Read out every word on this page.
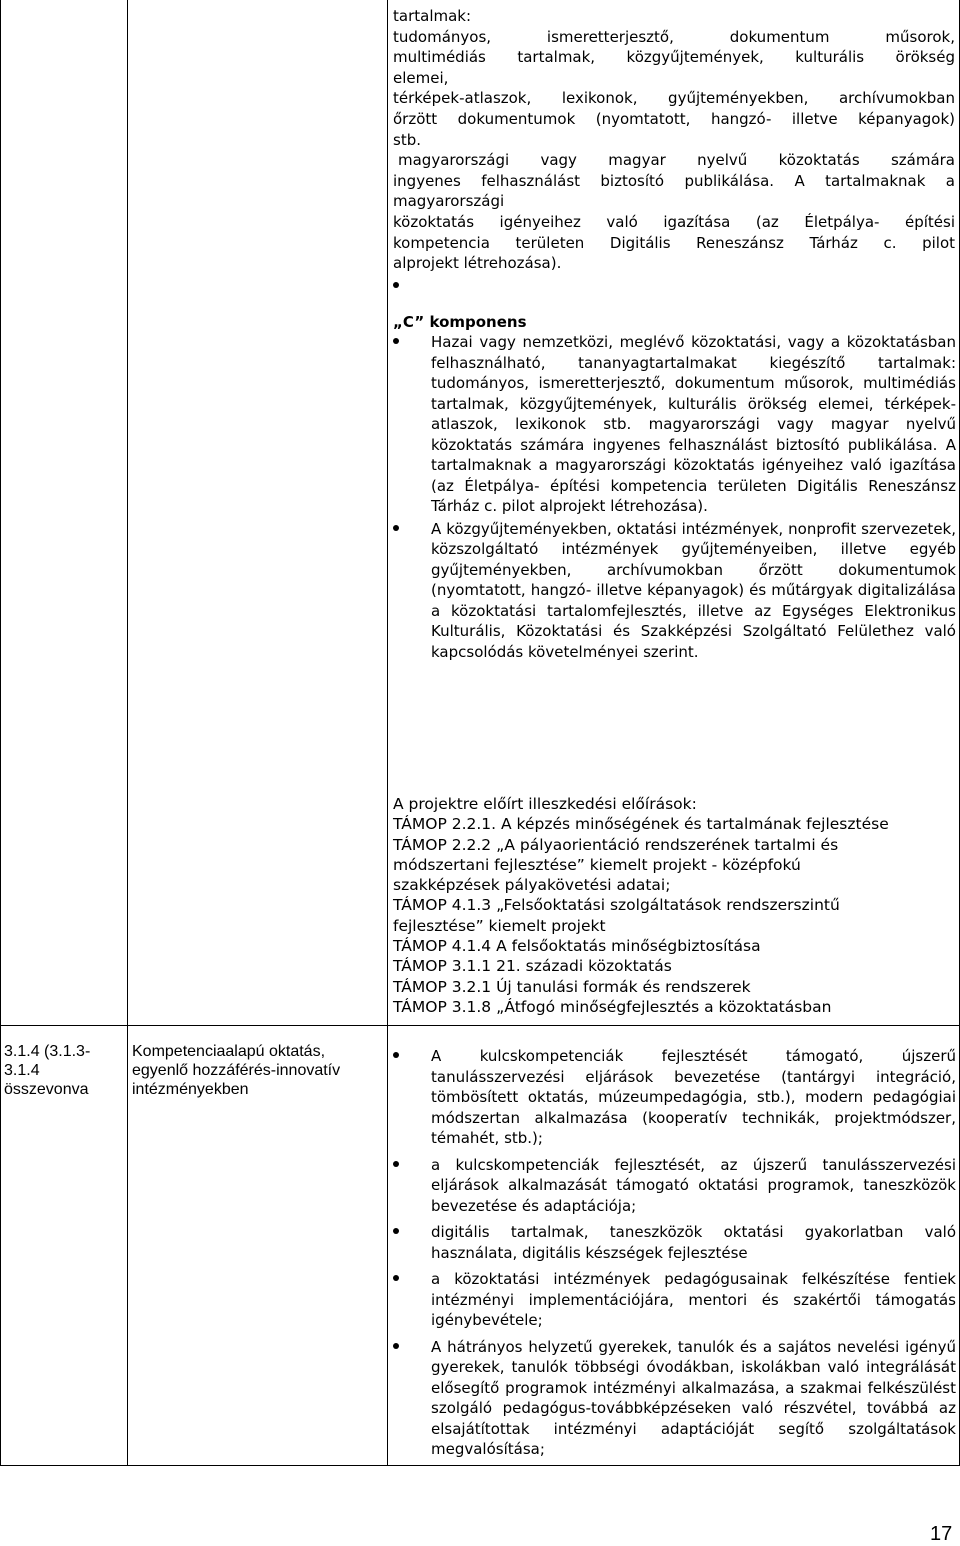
tartalmak:
tudományos, ismeretterjesztő, dokumentum műsorok,
multimédiás tartalmak, közgyűjtemények, kulturális örökség
elemei,
térképek-atlaszok, lexikonok, gyűjteményekben, archívumokban
őrzött dokumentumok (nyomtatott, hangzó- illetve képanyagok)
stb.
magyarországi vagy magyar nyelvű közoktatás számára
ingyenes felhasználást biztosító publikálása. A tartalmaknak a
magyarországi
közoktatás igényeihez való igazítása (az Életpálya- építési
kompetencia területen Digitális Reneszánsz Tárház c. pilot
alprojekt létrehozása).
„C” komponens

Hazai vagy nemzetközi, meglévő közoktatási, vagy a közoktatásban felhasználható, tananyagtartalmakat kiegészítő tartalmak: tudományos, ismeretterjesztő, dokumentum műsorok, multimédiás tartalmak, közgyűjtemények, kulturális örökség elemei, térképek-atlaszok, lexikonok stb. magyarországi vagy magyar nyelvű közoktatás számára ingyenes felhasználást biztosító publikálása. A tartalmaknak a magyarországi közoktatás igényeihez való igazítása (az Életpálya- építési kompetencia területen Digitális Reneszánsz Tárház c. pilot alprojekt létrehozása).

A közgyűjteményekben, oktatási intézmények, nonprofit szervezetek, közszolgáltató intézmények gyűjteményeiben, illetve egyéb gyűjteményekben, archívumokban őrzött dokumentumok (nyomtatott, hangzó- illetve képanyagok) és műtárgyak digitalizálása a közoktatási tartalomfejlesztés, illetve az Egységes Elektronikus Kulturális, Közoktatási és Szakképzési Szolgáltató Felülethez való kapcsolódás követelményei szerint.

A projektre előírt illeszkedési előírások:
TÁMOP 2.2.1. A képzés minőségének és tartalmának fejlesztése
TÁMOP 2.2.2 „A pályaorientáció rendszerének tartalmi és
módszertani fejlesztése” kiemelt projekt - középfokú
szakképzések pályakövetési adatai;
TÁMOP 4.1.3 „Felsőoktatási szolgáltatások rendszerszintű
fejlesztése” kiemelt projekt
TÁMOP 4.1.4 A felsőoktatás minőségbiztosítása
TÁMOP 3.1.1 21. századi közoktatás
TÁMOP 3.2.1 Új tanulási formák és rendszerek
TÁMOP 3.1.8 „Átfogó minőségfejlesztés a közoktatásban
3.1.4 (3.1.3- 3.1.4 összevonva
Kompetenciaalapú oktatás, egyenlő hozzáférés-innovatív intézményekben

A kulcskompetenciák fejlesztését támogató, újszerű tanulásszervezési eljárások bevezetése (tantárgyi integráció, tömbösített oktatás, múzeumpedagógia, stb.), modern pedagógiai módszertan alkalmazása (kooperatív technikák, projektmódszer, témahét, stb.);

a kulcskompetenciák fejlesztését, az újszerű tanulásszervezési eljárások alkalmazását támogató oktatási programok, taneszközök bevezetése és adaptációja;

digitális tartalmak, taneszközök oktatási gyakorlatban való használata, digitális készségek fejlesztése

a közoktatási intézmények pedagógusainak felkészítése fentiek intézményi implementációjára, mentori és szakértői támogatás igénybevétele;

A hátrányos helyzetű gyerekek, tanulók és a sajátos nevelési igényű gyerekek, tanulók többségi óvodákban, iskolákban való integrálását elősegítő programok intézményi alkalmazása, a szakmai felkészülést szolgáló pedagógus-továbbképzéseken való részvétel, továbbá az elsajátítottak intézményi adaptációját segítő szolgáltatások megvalósítása;

17
